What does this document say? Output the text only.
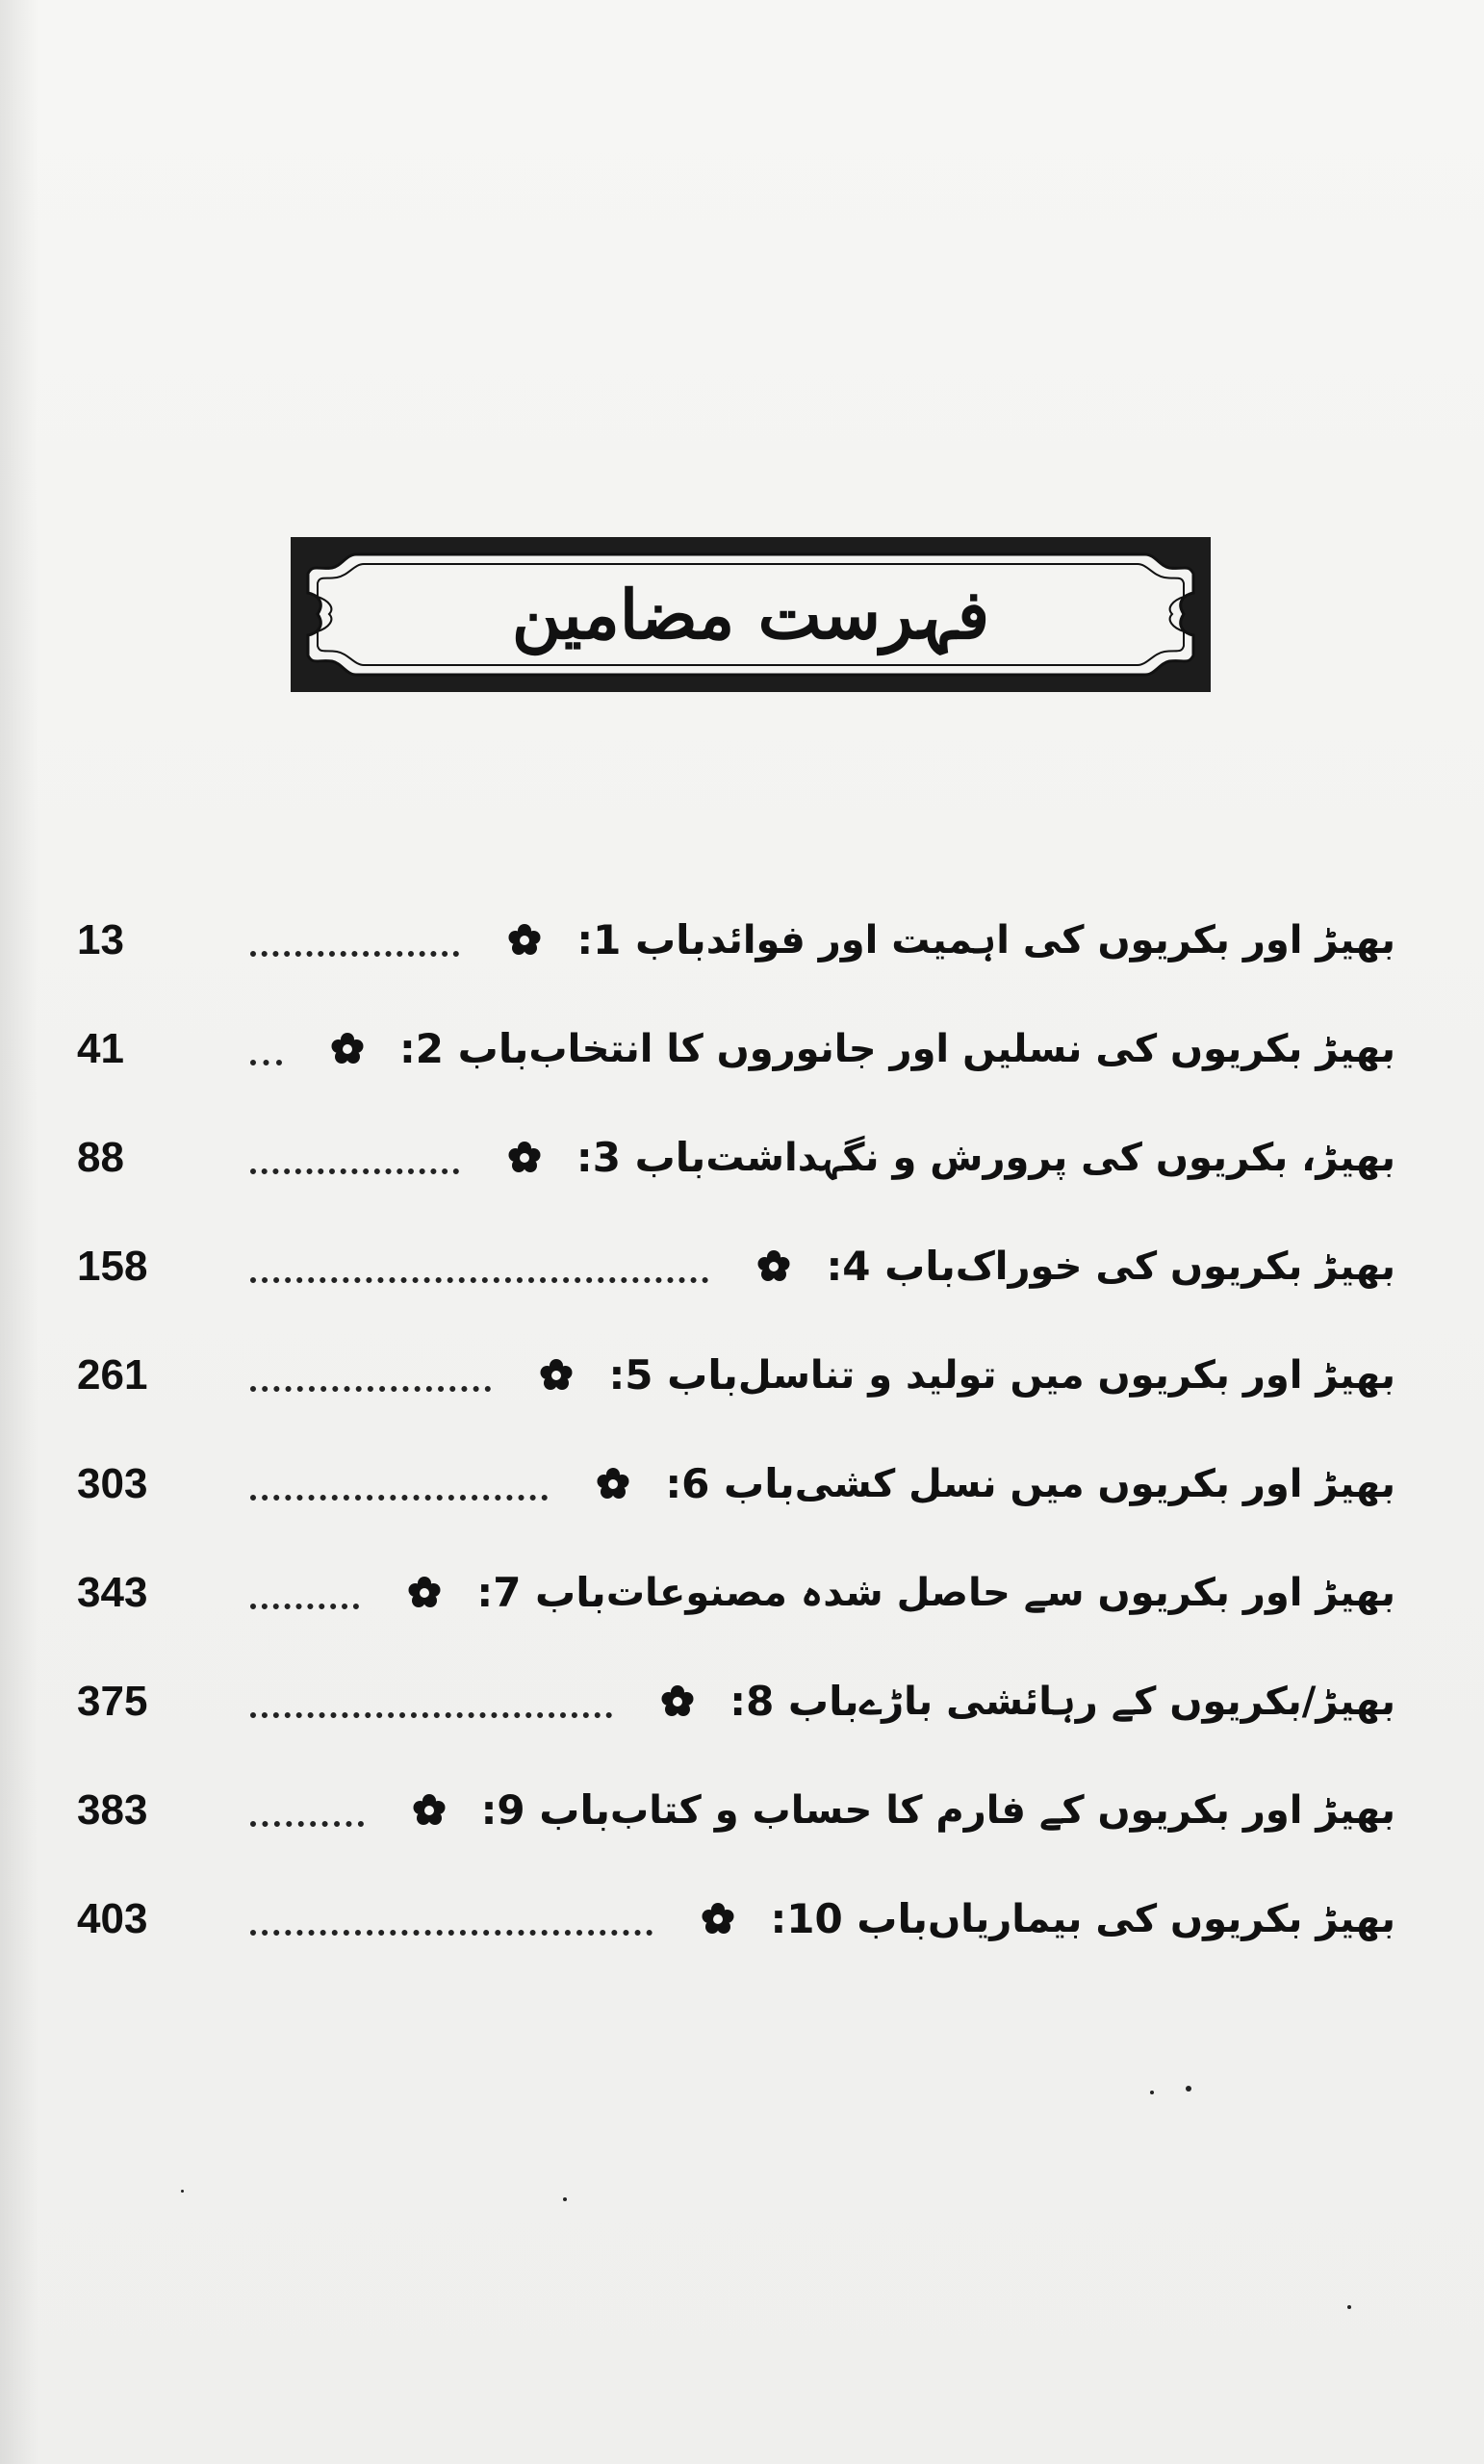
فہرست مضامین
13	باب 1: بھیڑ اور بکریوں کی اہمیت اور فوائد
41	باب 2: بھیڑ بکریوں کی نسلیں اور جانوروں کا انتخاب
88	باب 3: بھیڑ، بکریوں کی پرورش و نگہداشت
158	باب 4: بھیڑ بکریوں کی خوراک
261	باب 5: بھیڑ اور بکریوں میں تولید و تناسل
303	باب 6: بھیڑ اور بکریوں میں نسل کشی
343	باب 7: بھیڑ اور بکریوں سے حاصل شدہ مصنوعات
375	باب 8: بھیڑ/بکریوں کے رہائشی باڑے
383	باب 9: بھیڑ اور بکریوں کے فارم کا حساب و کتاب
403	باب 10: بھیڑ بکریوں کی بیماریاں
